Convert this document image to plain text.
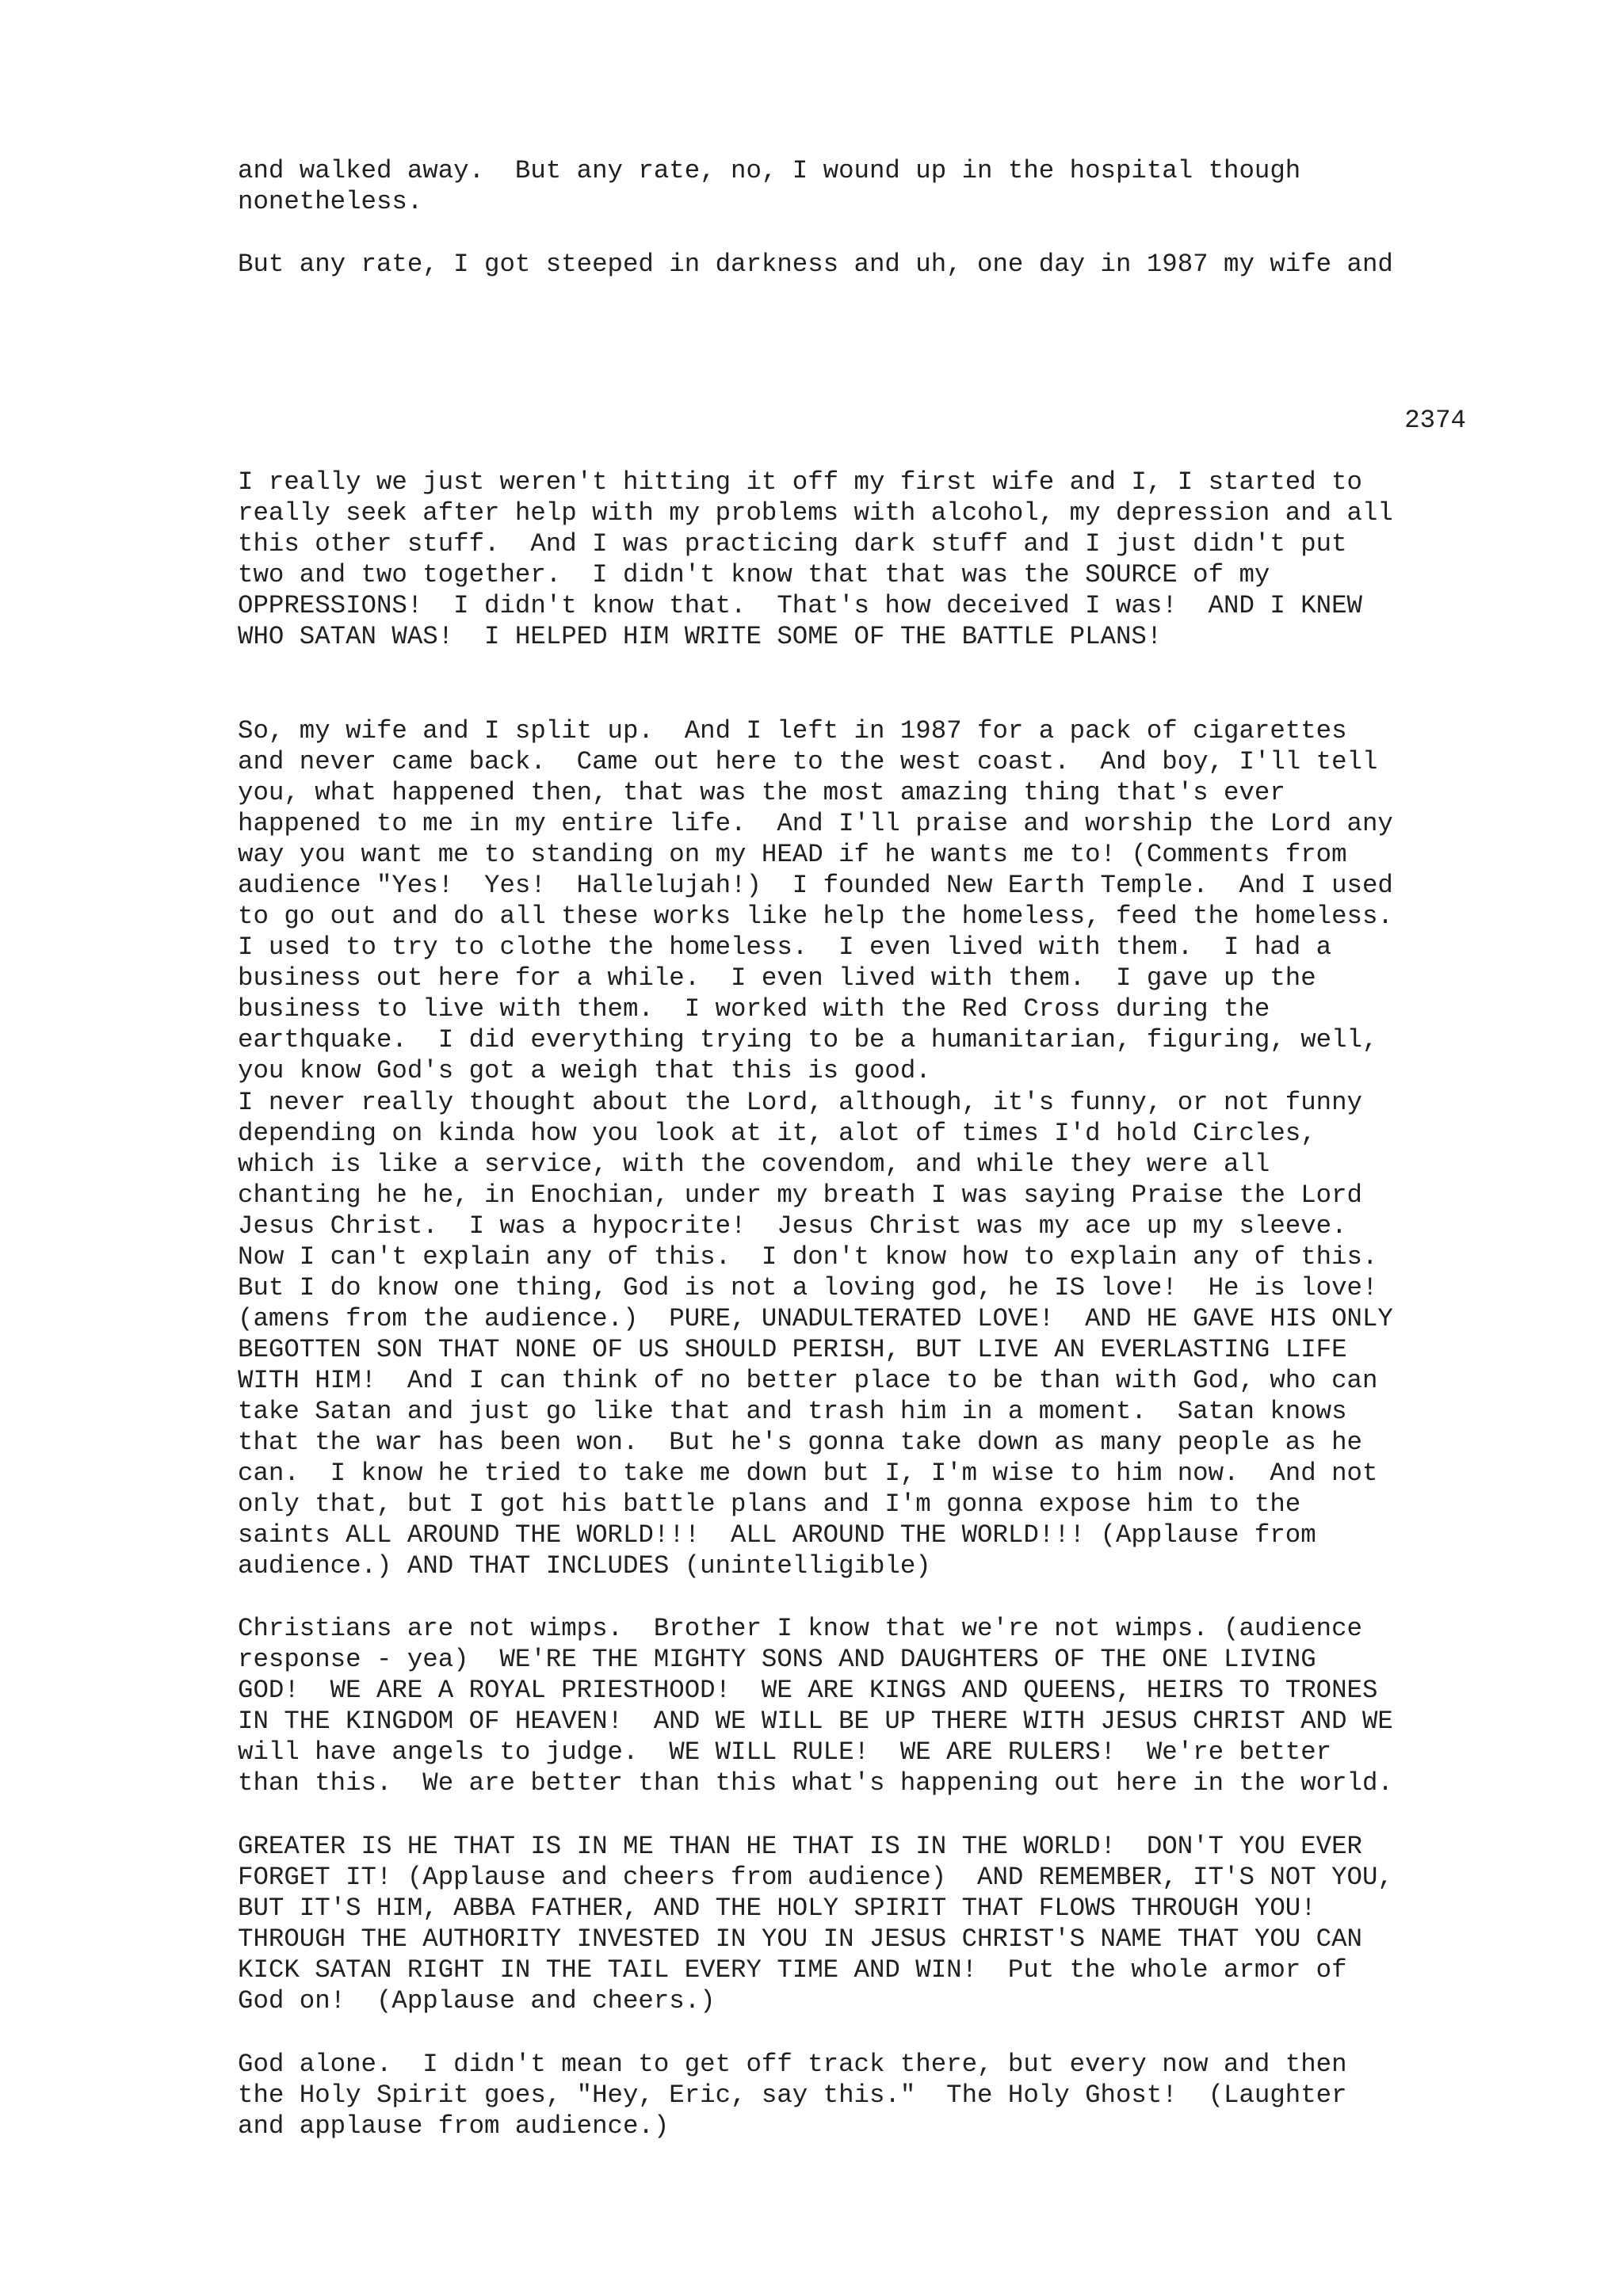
and walked away.  But any rate, no, I wound up in the hospital though
nonetheless.

But any rate, I got steeped in darkness and uh, one day in 1987 my wife and

2374

I really we just weren't hitting it off my first wife and I, I started to
really seek after help with my problems with alcohol, my depression and all
this other stuff.  And I was practicing dark stuff and I just didn't put
two and two together.  I didn't know that that was the SOURCE of my
OPPRESSIONS!  I didn't know that.  That's how deceived I was!  AND I KNEW
WHO SATAN WAS!  I HELPED HIM WRITE SOME OF THE BATTLE PLANS!

So, my wife and I split up.  And I left in 1987 for a pack of cigarettes
and never came back.  Came out here to the west coast.  And boy, I'll tell
you, what happened then, that was the most amazing thing that's ever
happened to me in my entire life.  And I'll praise and worship the Lord any
way you want me to standing on my HEAD if he wants me to! (Comments from
audience "Yes!  Yes!  Hallelujah!)  I founded New Earth Temple.  And I used
to go out and do all these works like help the homeless, feed the homeless.
I used to try to clothe the homeless.  I even lived with them.  I had a
business out here for a while.  I even lived with them.  I gave up the
business to live with them.  I worked with the Red Cross during the
earthquake.  I did everything trying to be a humanitarian, figuring, well,
you know God's got a weigh that this is good.

I never really thought about the Lord, although, it's funny, or not funny
depending on kinda how you look at it, alot of times I'd hold Circles,
which is like a service, with the covendom, and while they were all
chanting he he, in Enochian, under my breath I was saying Praise the Lord
Jesus Christ.  I was a hypocrite!  Jesus Christ was my ace up my sleeve.
Now I can't explain any of this.  I don't know how to explain any of this.
But I do know one thing, God is not a loving god, he IS love!  He is love!
(amens from the audience.)  PURE, UNADULTERATED LOVE!  AND HE GAVE HIS ONLY
BEGOTTEN SON THAT NONE OF US SHOULD PERISH, BUT LIVE AN EVERLASTING LIFE
WITH HIM!  And I can think of no better place to be than with God, who can
take Satan and just go like that and trash him in a moment.  Satan knows
that the war has been won.  But he's gonna take down as many people as he
can.  I know he tried to take me down but I, I'm wise to him now.  And not
only that, but I got his battle plans and I'm gonna expose him to the
saints ALL AROUND THE WORLD!!!  ALL AROUND THE WORLD!!! (Applause from
audience.) AND THAT INCLUDES (unintelligible)

Christians are not wimps.  Brother I know that we're not wimps. (audience
response - yea)  WE'RE THE MIGHTY SONS AND DAUGHTERS OF THE ONE LIVING
GOD!  WE ARE A ROYAL PRIESTHOOD!  WE ARE KINGS AND QUEENS, HEIRS TO TRONES
IN THE KINGDOM OF HEAVEN!  AND WE WILL BE UP THERE WITH JESUS CHRIST AND WE
will have angels to judge.  WE WILL RULE!  WE ARE RULERS!  We're better
than this.  We are better than this what's happening out here in the world.

GREATER IS HE THAT IS IN ME THAN HE THAT IS IN THE WORLD!  DON'T YOU EVER
FORGET IT! (Applause and cheers from audience)  AND REMEMBER, IT'S NOT YOU,
BUT IT'S HIM, ABBA FATHER, AND THE HOLY SPIRIT THAT FLOWS THROUGH YOU!
THROUGH THE AUTHORITY INVESTED IN YOU IN JESUS CHRIST'S NAME THAT YOU CAN
KICK SATAN RIGHT IN THE TAIL EVERY TIME AND WIN!  Put the whole armor of
God on!  (Applause and cheers.)

God alone.  I didn't mean to get off track there, but every now and then
the Holy Spirit goes, "Hey, Eric, say this."  The Holy Ghost!  (Laughter
and applause from audience.)
